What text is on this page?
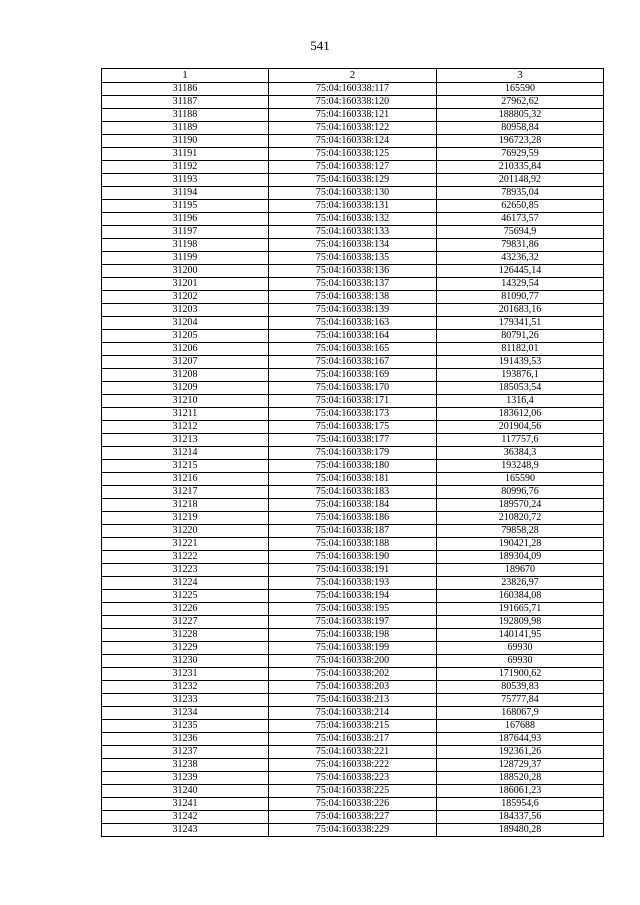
541
1	2	3
31186	75:04:160338:117	165590
31187	75:04:160338:120	27962,62
31188	75:04:160338:121	188805,32
31189	75:04:160338:122	80958,84
31190	75:04:160338:124	196723,28
31191	75:04:160338:125	76929,59
31192	75:04:160338:127	210335,84
31193	75:04:160338:129	201148,92
31194	75:04:160338:130	78935,04
31195	75:04:160338:131	62650,85
31196	75:04:160338:132	46173,57
31197	75:04:160338:133	75694,9
31198	75:04:160338:134	79831,86
31199	75:04:160338:135	43236,32
31200	75:04:160338:136	126445,14
31201	75:04:160338:137	14329,54
31202	75:04:160338:138	81090,77
31203	75:04:160338:139	201683,16
31204	75:04:160338:163	179341,51
31205	75:04:160338:164	80791,26
31206	75:04:160338:165	81182,01
31207	75:04:160338:167	191439,53
31208	75:04:160338:169	193876,1
31209	75:04:160338:170	185053,54
31210	75:04:160338:171	1316,4
31211	75:04:160338:173	183612,06
31212	75:04:160338:175	201904,56
31213	75:04:160338:177	117757,6
31214	75:04:160338:179	36384,3
31215	75:04:160338:180	193248,9
31216	75:04:160338:181	165590
31217	75:04:160338:183	80996,76
31218	75:04:160338:184	189570,24
31219	75:04:160338:186	210820,72
31220	75:04:160338:187	79858,28
31221	75:04:160338:188	190421,28
31222	75:04:160338:190	189304,09
31223	75:04:160338:191	189670
31224	75:04:160338:193	23826,97
31225	75:04:160338:194	160384,08
31226	75:04:160338:195	191665,71
31227	75:04:160338:197	192809,98
31228	75:04:160338:198	140141,95
31229	75:04:160338:199	69930
31230	75:04:160338:200	69930
31231	75:04:160338:202	171900,62
31232	75:04:160338:203	80539,83
31233	75:04:160338:213	75777,84
31234	75:04:160338:214	168067,9
31235	75:04:160338:215	167688
31236	75:04:160338:217	187644,93
31237	75:04:160338:221	192361,26
31238	75:04:160338:222	128729,37
31239	75:04:160338:223	188520,28
31240	75:04:160338:225	186061,23
31241	75:04:160338:226	185954,6
31242	75:04:160338:227	184337,56
31243	75:04:160338:229	189480,28
